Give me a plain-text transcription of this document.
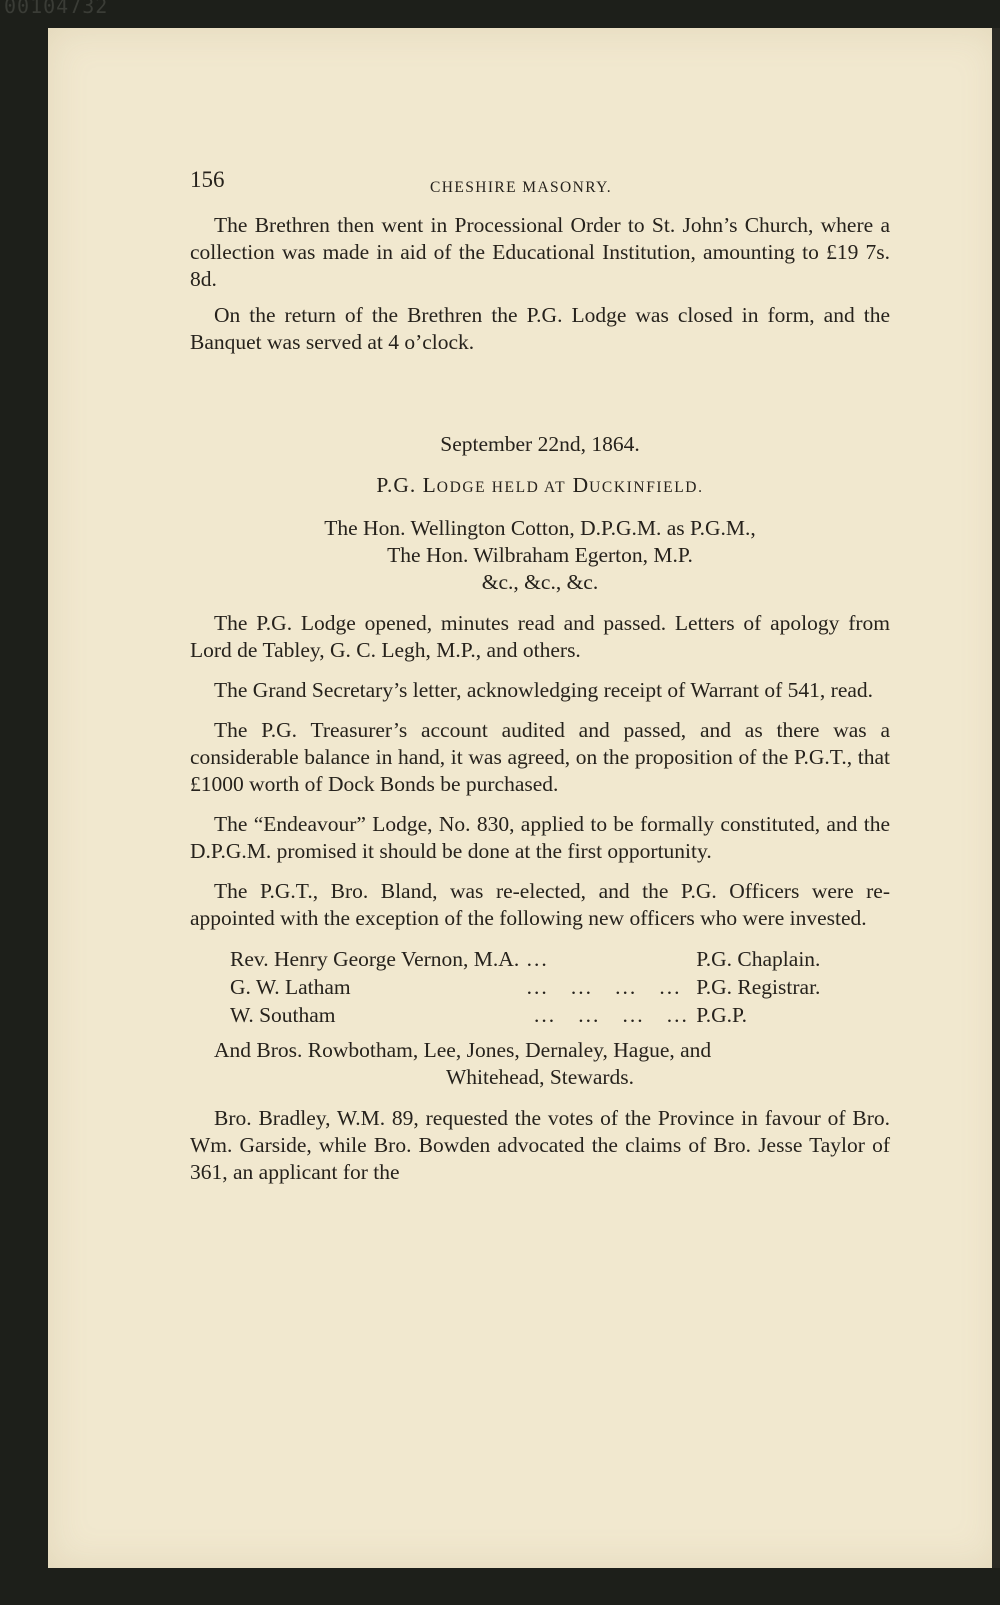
00104732
156	CHESHIRE MASONRY.

The Brethren then went in Processional Order to St. John’s Church, where a collection was made in aid of the Educational Institution, amounting to £19 7s. 8d.

On the return of the Brethren the P.G. Lodge was closed in form, and the Banquet was served at 4 o’clock.

September 22nd, 1864.

P.G. LODGE HELD AT DUCKINFIELD.

The Hon. Wellington Cotton, D.P.G.M. as P.G.M.,
The Hon. Wilbraham Egerton, M.P.
&c., &c., &c.

The P.G. Lodge opened, minutes read and passed. Letters of apology from Lord de Tabley, G. C. Legh, M.P., and others.

The Grand Secretary’s letter, acknowledging receipt of Warrant of 541, read.

The P.G. Treasurer’s account audited and passed, and as there was a considerable balance in hand, it was agreed, on the proposition of the P.G.T., that £1000 worth of Dock Bonds be purchased.

The “Endeavour” Lodge, No. 830, applied to be formally constituted, and the D.P.G.M. promised it should be done at the first opportunity.

The P.G.T., Bro. Bland, was re-elected, and the P.G. Officers were re-appointed with the exception of the following new officers who were invested.

Rev. Henry George Vernon, M.A.	...	P.G. Chaplain.
G. W. Latham	...   ...   ...   ...	P.G. Registrar.
W. Southam	...   ...   ...   ...	P.G.P.

And Bros. Rowbotham, Lee, Jones, Dernaley, Hague, and
Whitehead, Stewards.

Bro. Bradley, W.M. 89, requested the votes of the Province in favour of Bro. Wm. Garside, while Bro. Bowden advocated the claims of Bro. Jesse Taylor of 361, an applicant for the
